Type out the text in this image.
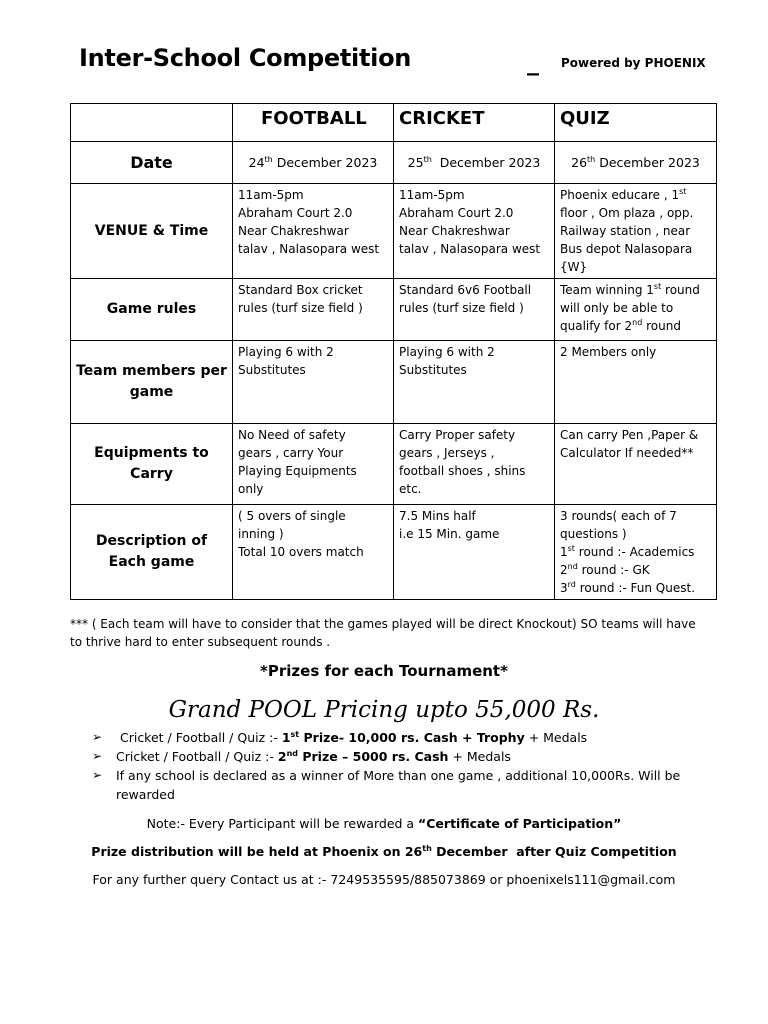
Inter-School Competition	_ Powered by PHOENIX
	FOOTBALL	CRICKET	QUIZ
Date	24th December 2023	25th  December 2023	26th December 2023
VENUE & Time	11am-5pm
Abraham Court 2.0
Near Chakreshwar
talav , Nalasopara west	11am-5pm
Abraham Court 2.0
Near Chakreshwar
talav , Nalasopara west	Phoenix educare , 1st
floor , Om plaza , opp.
Railway station , near
Bus depot Nalasopara
{W}
Game rules	Standard Box cricket
rules (turf size field )	Standard 6v6 Football
rules (turf size field )	Team winning 1st round
will only be able to
qualify for 2nd round
Team members per game	Playing 6 with 2
Substitutes	Playing 6 with 2
Substitutes	2 Members only
Equipments to Carry	No Need of safety
gears , carry Your
Playing Equipments
only	Carry Proper safety
gears , Jerseys ,
football shoes , shins
etc.	Can carry Pen ,Paper &
Calculator If needed**
Description of Each game	( 5 overs of single
inning )
Total 10 overs match	7.5 Mins half
i.e 15 Min. game	3 rounds( each of 7
questions )
1st round :- Academics
2nd round :- GK
3rd round :- Fun Quest.
*** ( Each team will have to consider that the games played will be direct Knockout) SO teams will have to thrive hard to enter subsequent rounds .
*Prizes for each Tournament*
Grand POOL Pricing upto 55,000 Rs.
➢ Cricket / Football / Quiz :- 1st Prize- 10,000 rs. Cash + Trophy + Medals
➢ Cricket / Football / Quiz :- 2nd Prize – 5000 rs. Cash + Medals
➢ If any school is declared as a winner of More than one game , additional 10,000Rs. Will be rewarded
Note:- Every Participant will be rewarded a “Certificate of Participation”
Prize distribution will be held at Phoenix on 26th December  after Quiz Competition
For any further query Contact us at :- 7249535595/885073869 or phoenixels111@gmail.com
